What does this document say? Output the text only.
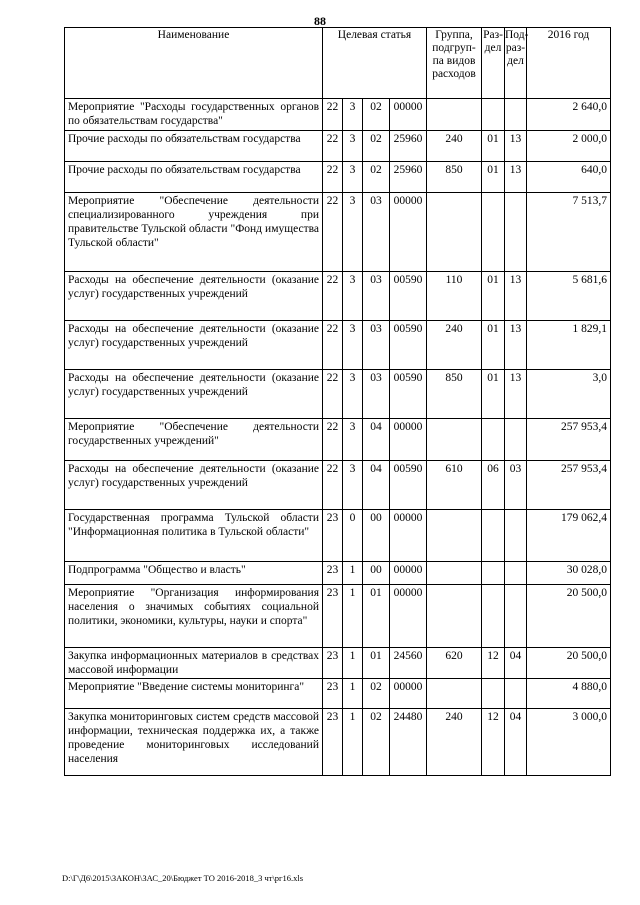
88
Наименование	Целевая статья				Группа, подгруп-па видов расходов	Раз-дел	Под-раз-дел	2016 год
Мероприятие "Расходы государственных органов по обязательствам государства"	22	3	02	00000				2 640,0
Прочие расходы по обязательствам государства	22	3	02	25960	240	01	13	2 000,0
Прочие расходы по обязательствам государства	22	3	02	25960	850	01	13	640,0
Мероприятие "Обеспечение деятельности специализированного учреждения при правительстве Тульской области "Фонд имущества Тульской области"	22	3	03	00000				7 513,7
Расходы на обеспечение деятельности (оказание услуг) государственных учреждений	22	3	03	00590	110	01	13	5 681,6
Расходы на обеспечение деятельности (оказание услуг) государственных учреждений	22	3	03	00590	240	01	13	1 829,1
Расходы на обеспечение деятельности (оказание услуг) государственных учреждений	22	3	03	00590	850	01	13	3,0
Мероприятие "Обеспечение деятельности государственных учреждений"	22	3	04	00000				257 953,4
Расходы на обеспечение деятельности (оказание услуг) государственных учреждений	22	3	04	00590	610	06	03	257 953,4
Государственная программа Тульской области "Информационная политика в Тульской области"	23	0	00	00000				179 062,4
Подпрограмма "Общество и власть"	23	1	00	00000				30 028,0
Мероприятие "Организация информирования населения о значимых событиях социальной политики, экономики, культуры, науки и спорта"	23	1	01	00000				20 500,0
Закупка информационных материалов в средствах массовой информации	23	1	01	24560	620	12	04	20 500,0
Мероприятие "Введение системы мониторинга"	23	1	02	00000				4 880,0
Закупка мониторинговых систем средств массовой информации, техническая поддержка их, а также проведение мониторинговых исследований населения	23	1	02	24480	240	12	04	3 000,0
D:\Г\Д6\2015\ЗАКОН\ЗАС_20\Бюджет ТО 2016-2018_3 чт\рг16.xls
